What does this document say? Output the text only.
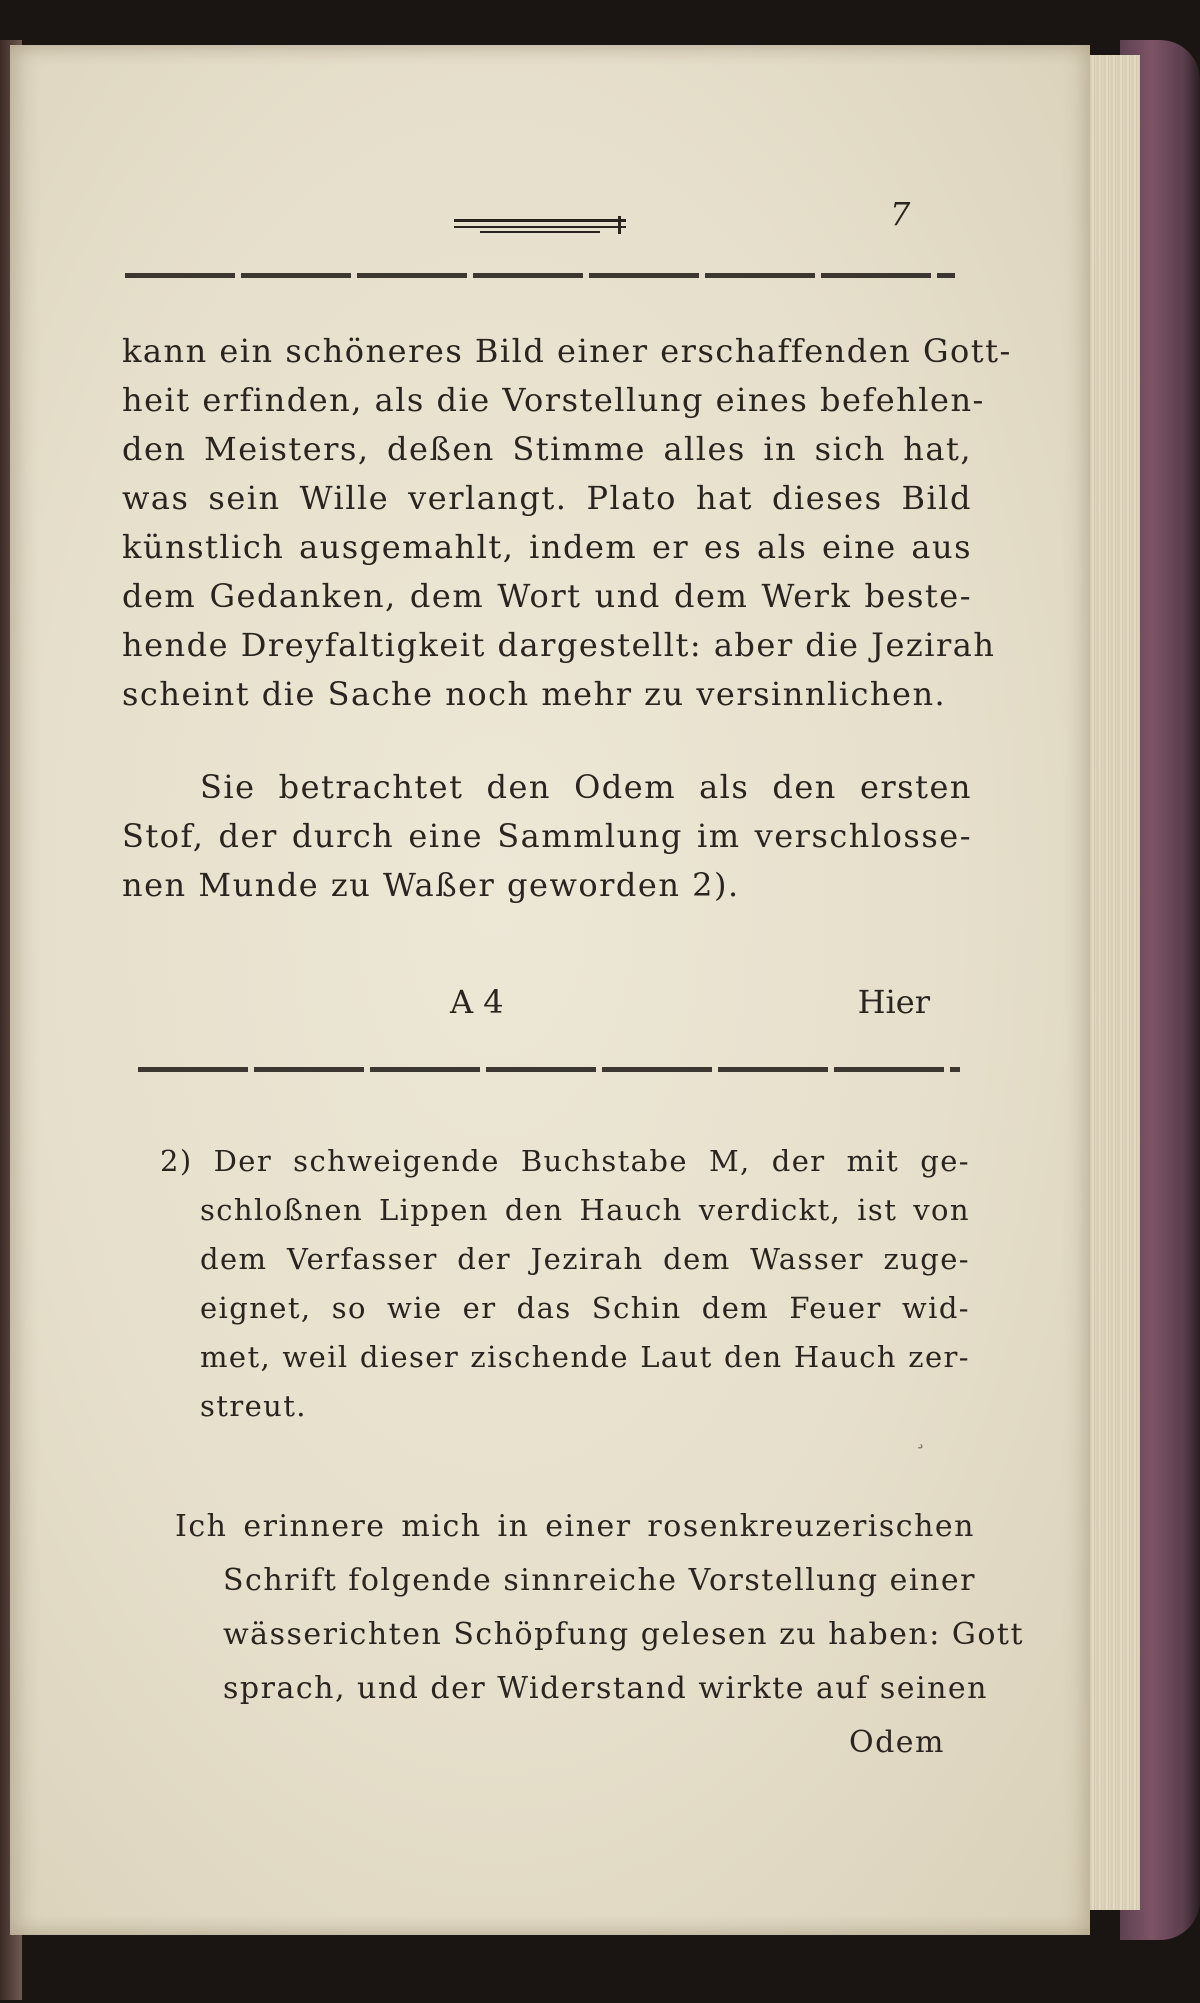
7
kann ein schöneres Bild einer erschaffenden Gott-
heit erfinden, als die Vorstellung eines befehlen-
den Meisters, deßen Stimme alles in sich hat,
was sein Wille verlangt. Plato hat dieses Bild
künstlich ausgemahlt, indem er es als eine aus
dem Gedanken, dem Wort und dem Werk beste-
hende Dreyfaltigkeit dargestellt: aber die Jezirah
scheint die Sache noch mehr zu versinnlichen.
Sie betrachtet den Odem als den ersten
Stof, der durch eine Sammlung im verschlosse-
nen Munde zu Waßer geworden 2).
A 4	Hier
2) Der schweigende Buchstabe M, der mit ge-
schloßnen Lippen den Hauch verdickt, ist von
dem Verfasser der Jezirah dem Wasser zuge-
eignet, so wie er das Schin dem Feuer wid-
met, weil dieser zischende Laut den Hauch zer-
streut.
Ich erinnere mich in einer rosenkreuzerischen
Schrift folgende sinnreiche Vorstellung einer
wässerichten Schöpfung gelesen zu haben: Gott
sprach, und der Widerstand wirkte auf seinen
Odem
¸
